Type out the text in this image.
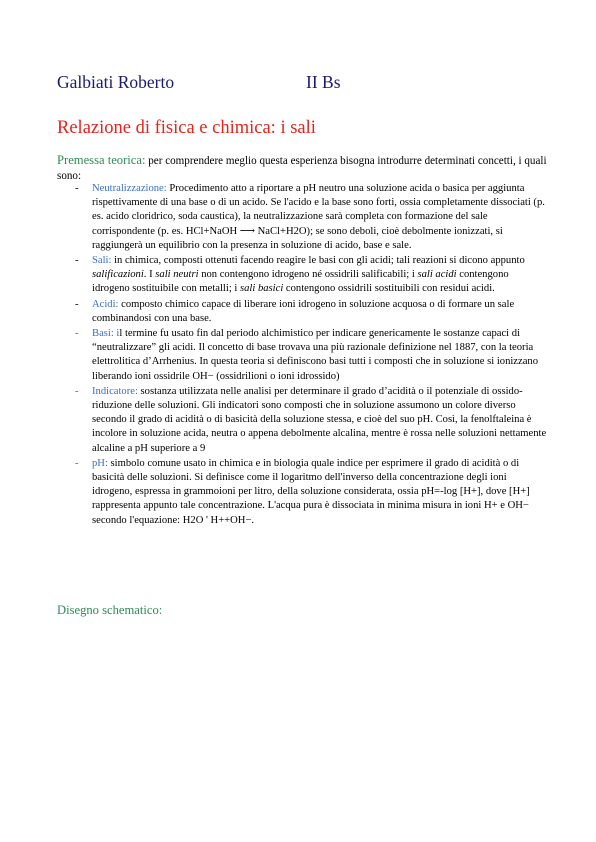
Galbiati Roberto	II Bs
Relazione di fisica e chimica: i sali
Premessa teorica: per comprendere meglio questa esperienza bisogna introdurre determinati concetti, i quali sono:
- Neutralizzazione: Procedimento atto a riportare a pH neutro una soluzione acida o basica per aggiunta rispettivamente di una base o di un acido. Se l'acido e la base sono forti, ossia completamente dissociati (p. es. acido cloridrico, soda caustica), la neutralizzazione sarà completa con formazione del sale corrispondente (p. es. HCl+NaOH ⟶ NaCl+H2O); se sono deboli, cioè debolmente ionizzati, si raggiungerà un equilibrio con la presenza in soluzione di acido, base e sale.
- Sali: in chimica, composti ottenuti facendo reagire le basi con gli acidi; tali reazioni si dicono appunto salificazioni. I sali neutri non contengono idrogeno né ossidrili salificabili; i sali acidi contengono idrogeno sostituibile con metalli; i sali basici contengono ossidrili sostituibili con residui acidi.
- Acidi: composto chimico capace di liberare ioni idrogeno in soluzione acquosa o di formare un sale combinandosi con una base.
- Basi: il termine fu usato fin dal periodo alchimistico per indicare genericamente le sostanze capaci di “neutralizzare” gli acidi. Il concetto di base trovava una più razionale definizione nel 1887, con la teoria elettrolitica d’Arrhenius. In questa teoria si definiscono basi tutti i composti che in soluzione si ionizzano liberando ioni ossidrile OH− (ossidrilioni o ioni idrossido)
- Indicatore: sostanza utilizzata nelle analisi per determinare il grado d’acidità o il potenziale di ossido-riduzione delle soluzioni. Gli indicatori sono composti che in soluzione assumono un colore diverso secondo il grado di acidità o di basicità della soluzione stessa, e cioè del suo pH. Così, la fenolftaleina è incolore in soluzione acida, neutra o appena debolmente alcalina, mentre è rossa nelle soluzioni nettamente alcaline a pH superiore a 9
- pH: simbolo comune usato in chimica e in biologia quale indice per esprimere il grado di acidità o di basicità delle soluzioni. Si definisce come il logaritmo dell'inverso della concentrazione degli ioni idrogeno, espressa in grammoioni per litro, della soluzione considerata, ossia pH=-log [H+], dove [H+] rappresenta appunto tale concentrazione. L'acqua pura è dissociata in minima misura in ioni H+ e OH− secondo l'equazione: H2O ' H++OH−.
Disegno schematico:
